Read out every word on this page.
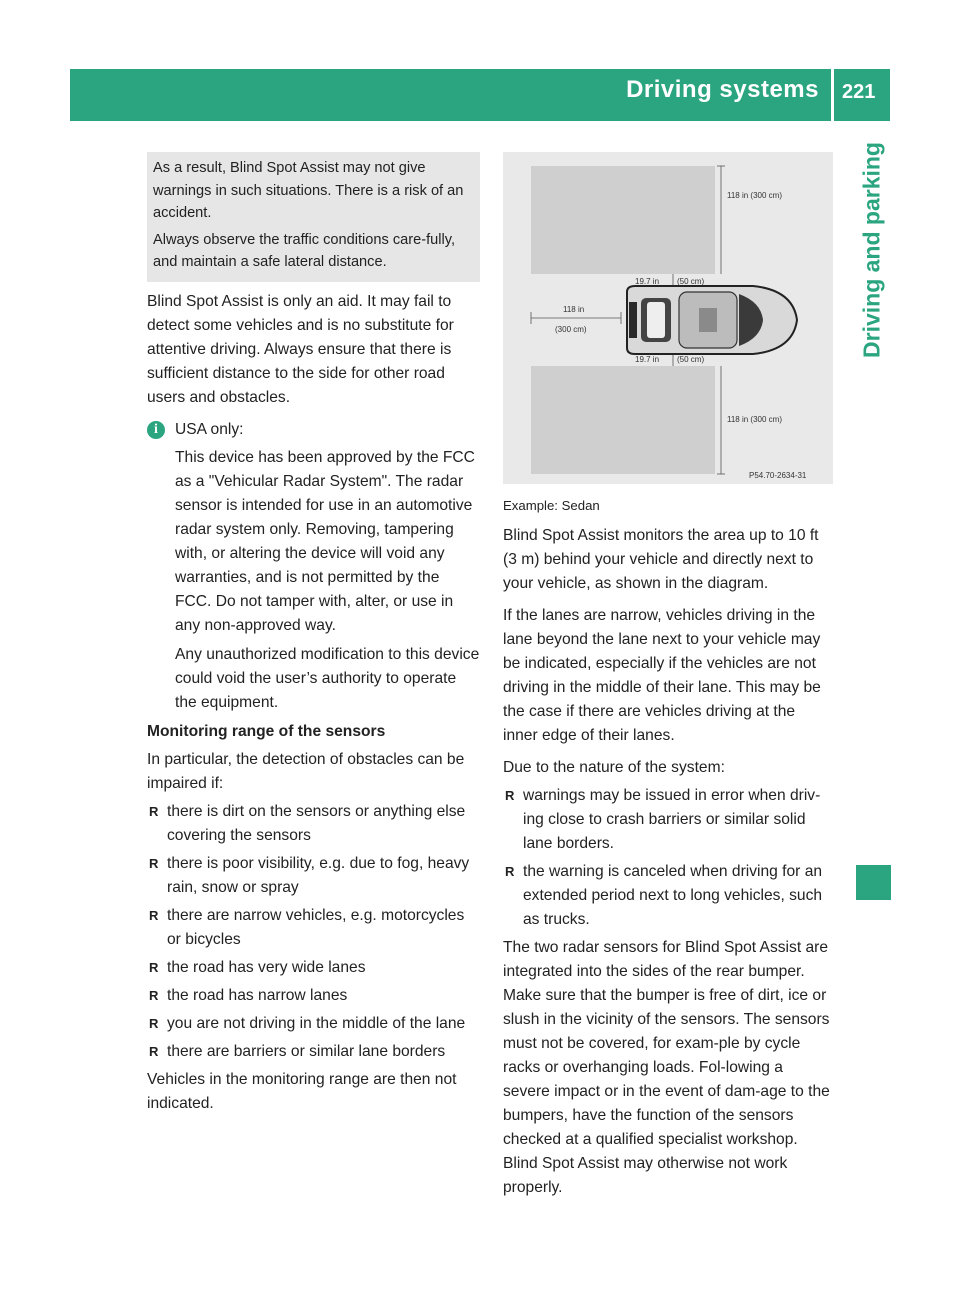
Driving systems 221
Driving and parking

As a result, Blind Spot Assist may not give warnings in such situations. There is a risk of an accident.

Always observe the traffic conditions care-fully, and maintain a safe lateral distance.

Blind Spot Assist is only an aid. It may fail to detect some vehicles and is no substitute for attentive driving. Always ensure that there is sufficient distance to the side for other road users and obstacles.

i	USA only:

This device has been approved by the FCC as a "Vehicular Radar System". The radar sensor is intended for use in an automotive radar system only. Removing, tampering with, or altering the device will void any warranties, and is not permitted by the FCC. Do not tamper with, alter, or use in any non-approved way.

Any unauthorized modification to this device could void the user’s authority to operate the equipment.

Monitoring range of the sensors

In particular, the detection of obstacles can be impaired if:

R there is dirt on the sensors or anything else covering the sensors
R there is poor visibility, e.g. due to fog, heavy rain, snow or spray
R there are narrow vehicles, e.g. motorcycles or bicycles
R the road has very wide lanes
R the road has narrow lanes
R you are not driving in the middle of the lane
R there are barriers or similar lane borders

Vehicles in the monitoring range are then not indicated.

118 in (300 cm)
19.7 in (50 cm)
118 in
(300 cm)
19.7 in (50 cm)
118 in (300 cm)
P54.70-2634-31
Example: Sedan

Blind Spot Assist monitors the area up to 10 ft (3 m) behind your vehicle and directly next to your vehicle, as shown in the diagram.

If the lanes are narrow, vehicles driving in the lane beyond the lane next to your vehicle may be indicated, especially if the vehicles are not driving in the middle of their lane. This may be the case if there are vehicles driving at the inner edge of their lanes.

Due to the nature of the system:

R warnings may be issued in error when driv-ing close to crash barriers or similar solid lane borders.
R the warning is canceled when driving for an extended period next to long vehicles, such as trucks.

The two radar sensors for Blind Spot Assist are integrated into the sides of the rear bumper. Make sure that the bumper is free of dirt, ice or slush in the vicinity of the sensors. The sensors must not be covered, for exam-ple by cycle racks or overhanging loads. Fol-lowing a severe impact or in the event of dam-age to the bumpers, have the function of the sensors checked at a qualified specialist workshop. Blind Spot Assist may otherwise not work properly.
